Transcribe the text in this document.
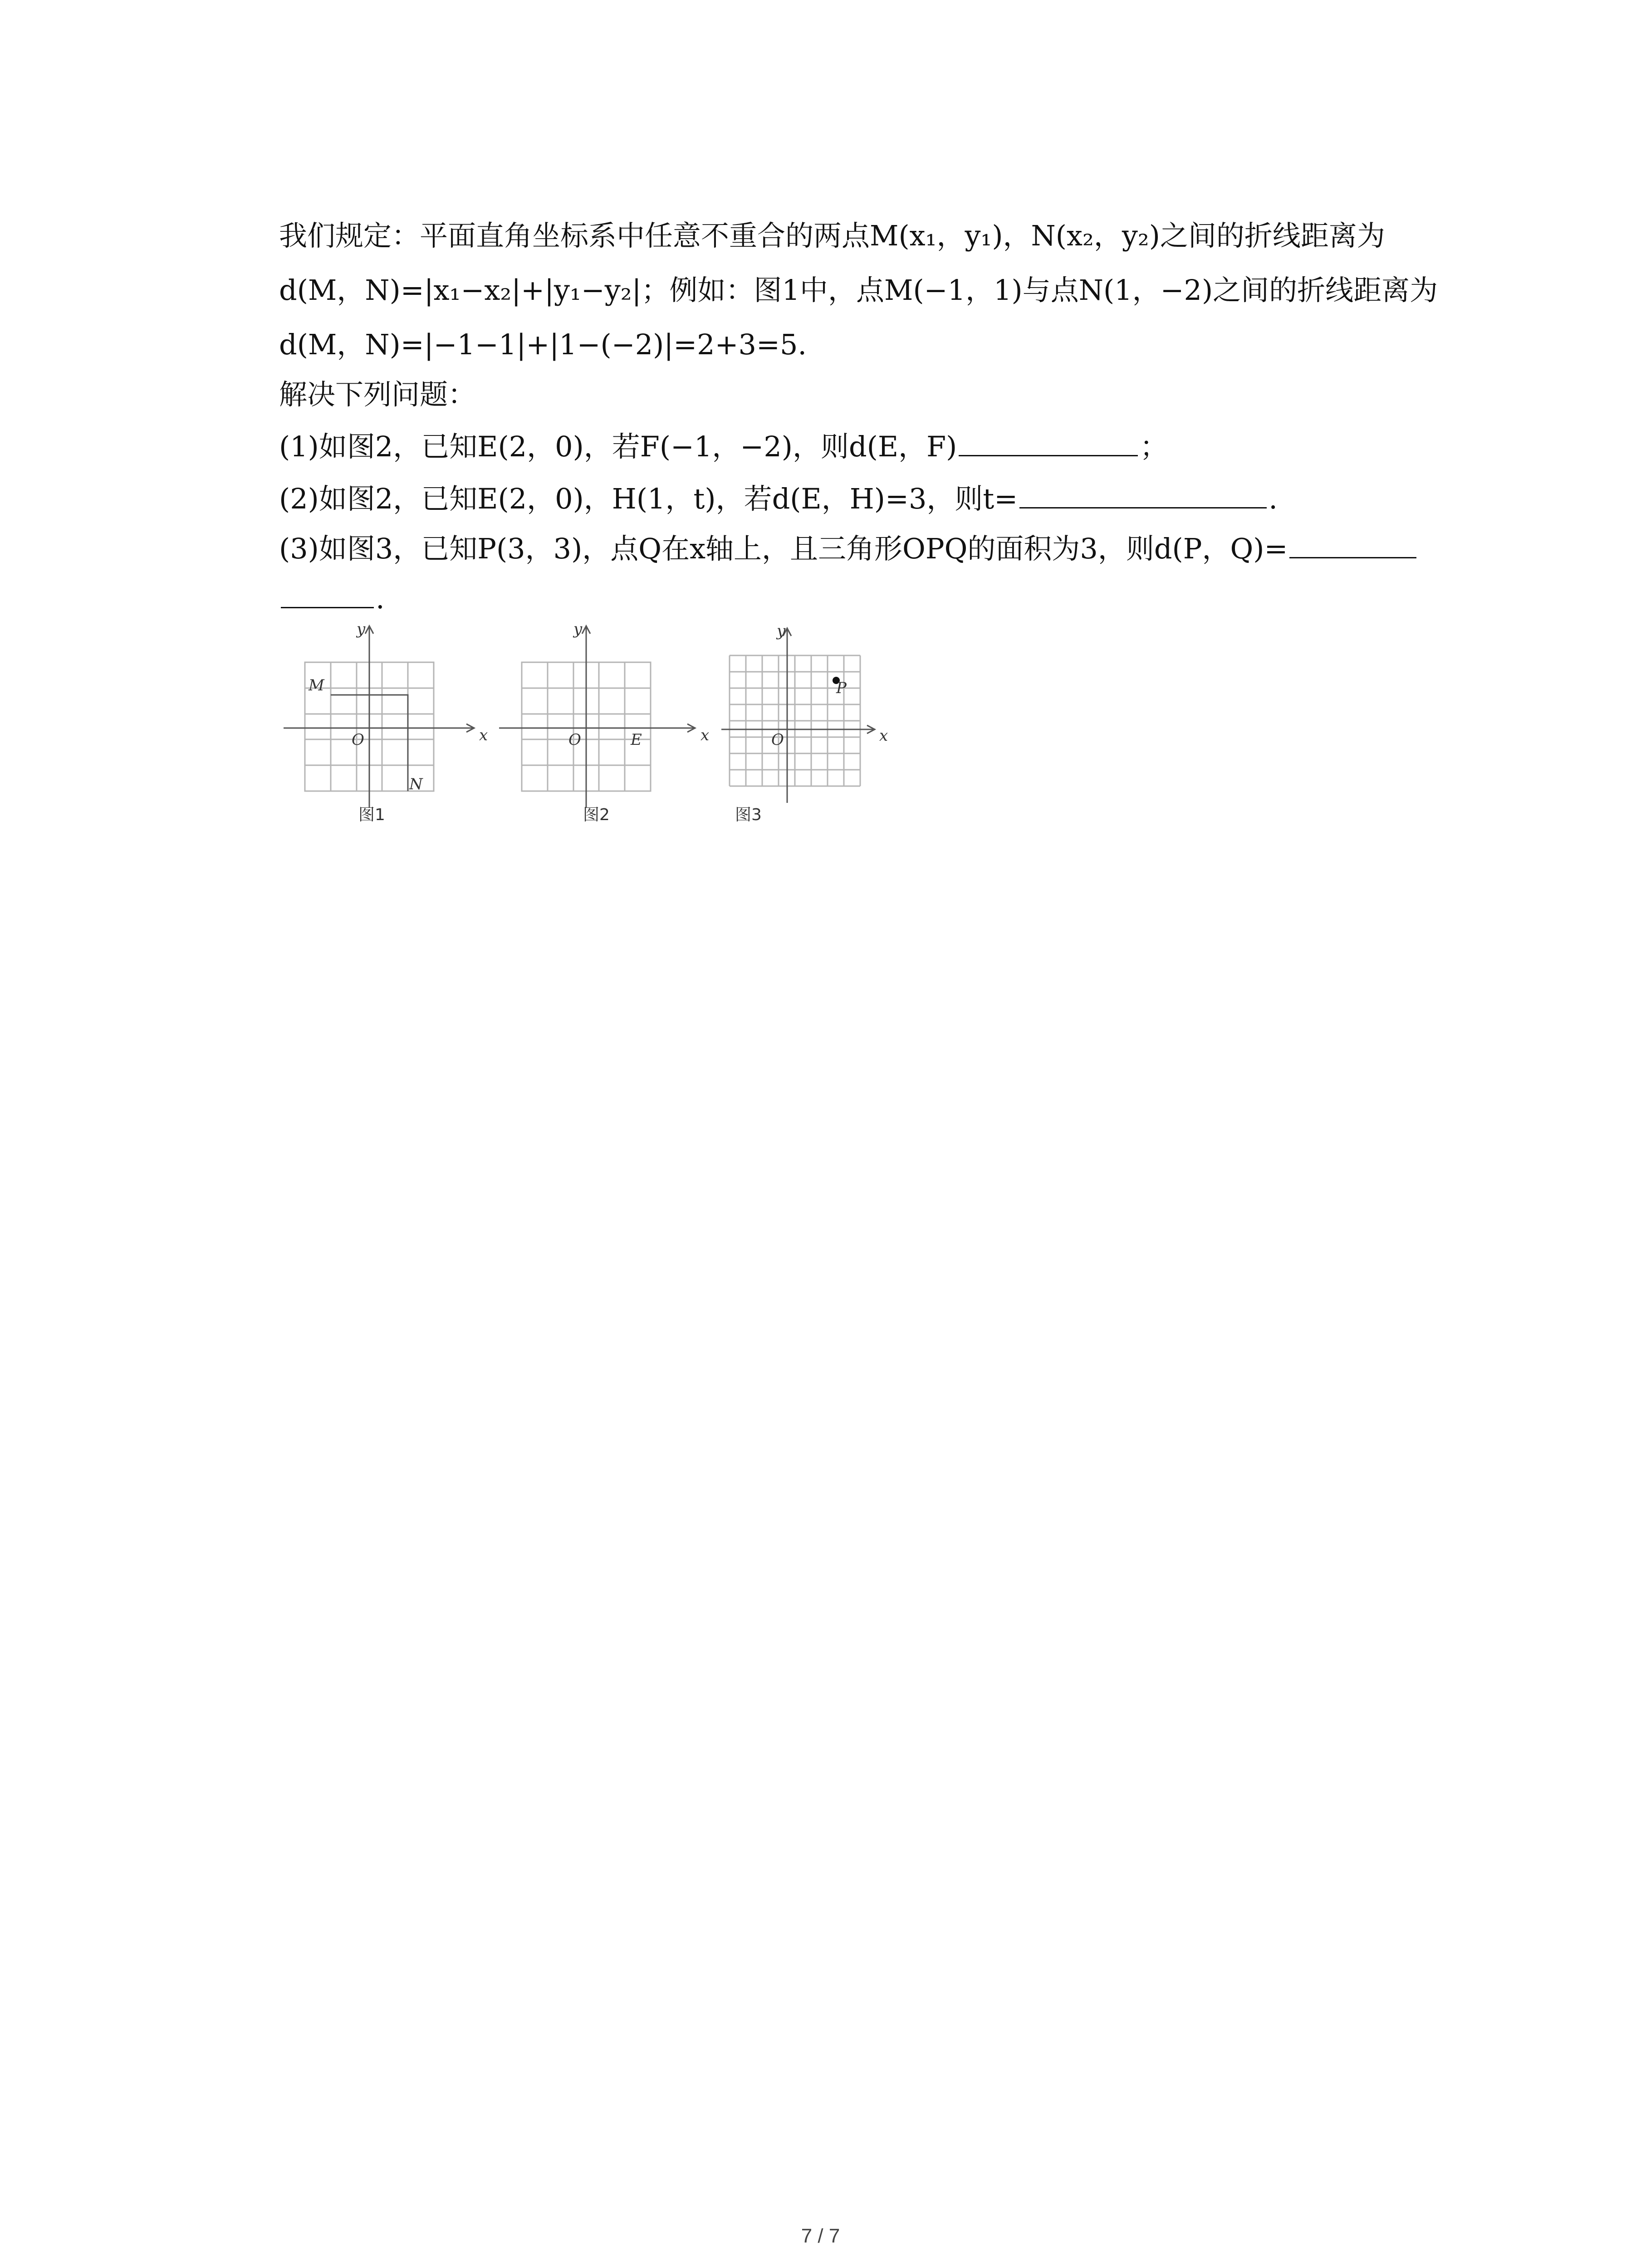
我们规定：平面直角坐标系中任意不重合的两点M(x₁，y₁)，N(x₂，y₂)之间的折线距离为
d(M，N)=|x₁−x₂|+|y₁−y₂|；例如：图1中，点M(−1，1)与点N(1，−2)之间的折线距离为
d(M，N)=|−1−1|+|1−(−2)|=2+3=5.
解决下列问题：
(1)如图2，已知E(2，0)，若F(−1，−2)，则d(E，F)	；
(2)如图2，已知E(2，0)，H(1，t)，若d(E，H)=3，则t=	.
(3)如图3，已知P(3，3)，点Q在x轴上，且三角形OPQ的面积为3，则d(P，Q)=
.
x
y
O
M
N
图1
x
y
O	E
图2
x
y
O
P
图3
7 / 7
